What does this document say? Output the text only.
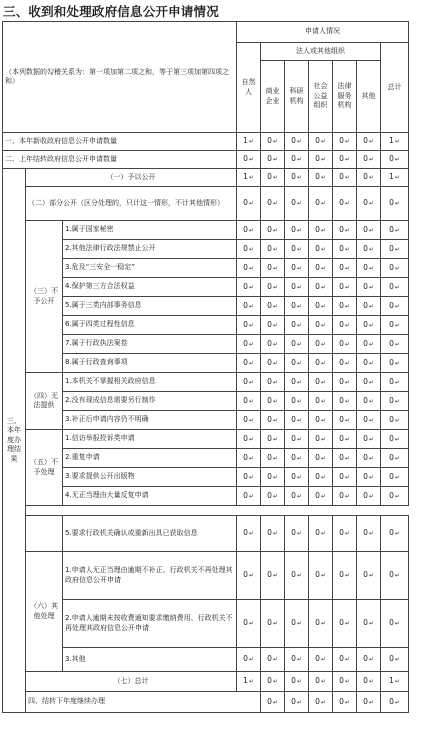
三、收到和处理政府信息公开申请情况
（本列数据的勾稽关系为：第一项加第二项之和，等于第三项加第四项之和）			申请人情况							
			自然人	法人或其他组织					总计	
				商业企业	科研机构	社会公益组织	法律服务机构	其他		
一、本年新收政府信息公开申请数量			1↵	0↵	0↵	0↵	0↵	0↵	1↵	
二、上年结转政府信息公开申请数量			0↵	0↵	0↵	0↵	0↵	0↵	0↵	
三、本年度办理结果	（一）予以公开		1↵	0↵	0↵	0↵	0↵	0↵	1↵	
	（二）部分公开（区分处理的，只计这一情形，不计其他情形）		0↵	0↵	0↵	0↵	0↵	0↵	0↵	
	（三）不予公开	1.属于国家秘密	0↵	0↵	0↵	0↵	0↵	0↵	0↵	
		2.其他法律行政法规禁止公开	0↵	0↵	0↵	0↵	0↵	0↵	0↵	
		3.危及“三安全一稳定”	0↵	0↵	0↵	0↵	0↵	0↵	0↵	
		4.保护第三方合法权益	0↵	0↵	0↵	0↵	0↵	0↵	0↵	
		5.属于三类内部事务信息	0↵	0↵	0↵	0↵	0↵	0↵	0↵	
		6.属于四类过程性信息	0↵	0↵	0↵	0↵	0↵	0↵	0↵	
		7.属于行政执法案卷	0↵	0↵	0↵	0↵	0↵	0↵	0↵	
		8.属于行政查询事项	0↵	0↵	0↵	0↵	0↵	0↵	0↵	
	（四）无法提供	1.本机关不掌握相关政府信息	0↵	0↵	0↵	0↵	0↵	0↵	0↵	
		2.没有现成信息需要另行制作	0↵	0↵	0↵	0↵	0↵	0↵	0↵	
		3.补正后申请内容仍不明确	0↵	0↵	0↵	0↵	0↵	0↵	0↵	
	（五）不予处理	1.信访举报投诉类申请	0↵	0↵	0↵	0↵	0↵	0↵	0↵	
		2.重复申请	0↵	0↵	0↵	0↵	0↵	0↵	0↵	
		3.要求提供公开出版物	0↵	0↵	0↵	0↵	0↵	0↵	0↵	
		4.无正当理由大量反复申请	0↵	0↵	0↵	0↵	0↵	0↵	0↵	

		5.要求行政机关确认或重新出具已获取信息	0↵	0↵	0↵	0↵	0↵	0↵	0↵	
	（六）其他处理	1.申请人无正当理由逾期不补正、行政机关不再处理其政府信息公开申请	0↵	0↵	0↵	0↵	0↵	0↵	0↵	
		2.申请人逾期未按收费通知要求缴纳费用、行政机关不再处理其政府信息公开申请	0↵	0↵	0↵	0↵	0↵	0↵	0↵	
		3.其他	0↵	0↵	0↵	0↵	0↵	0↵	0↵	
	（七）总计		1↵	0↵	0↵	0↵	0↵	0↵	1↵	
	四、结转下年度继续办理			0↵	0↵	0↵	0↵	0↵	0↵	
